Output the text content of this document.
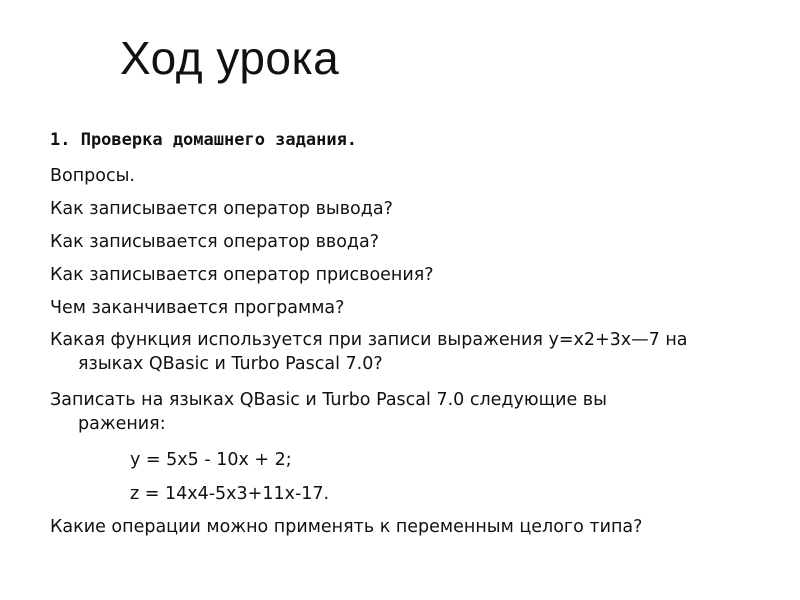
Ход урока
1. Проверка домашнего задания.
Вопросы.
Как записывается оператор вывода?
Как записывается оператор ввода?
Как записывается оператор присвоения?
Чем заканчивается программа?
Какая функция используется при записи выражения y=x2+3x—7 на
языках QBasic и Turbo Pascal 7.0?
Записать на языках QBasic и Turbo Pascal 7.0 следующие вы
ражения:
y = 5x5 - 10x + 2;
z = 14x4-5x3+11x-17.
Какие операции можно применять к переменным целого типа?
